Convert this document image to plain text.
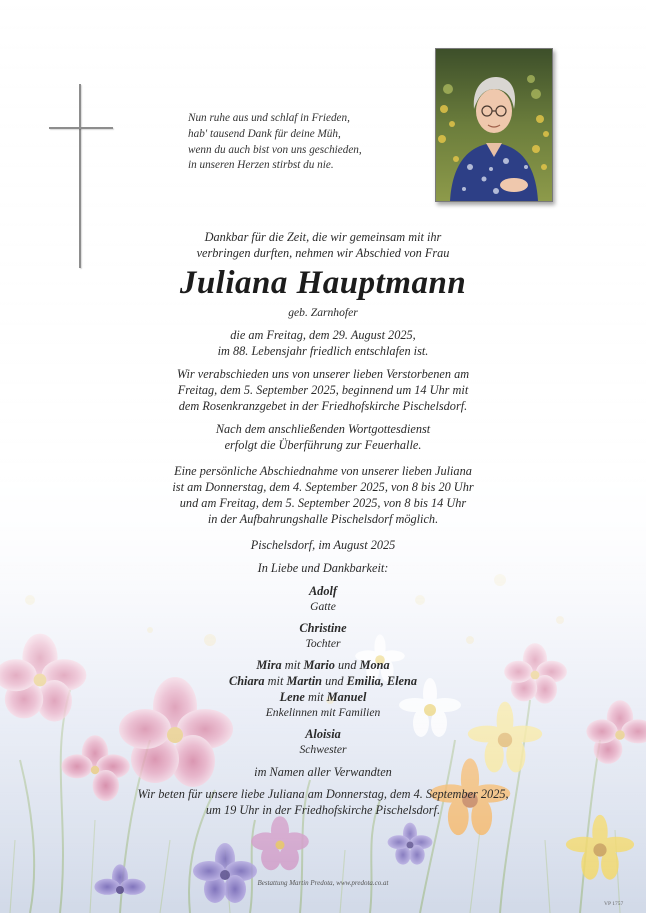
Nun ruhe aus und schlaf in Frieden,
hab' tausend Dank für deine Müh,
wenn du auch bist von uns geschieden,
in unseren Herzen stirbst du nie.
Dankbar für die Zeit, die wir gemeinsam mit ihr
verbringen durften, nehmen wir Abschied von Frau
Juliana Hauptmann
geb. Zarnhofer
die am Freitag, dem 29. August 2025,
im 88. Lebensjahr friedlich entschlafen ist.
Wir verabschieden uns von unserer lieben Verstorbenen am
Freitag, dem 5. September 2025, beginnend um 14 Uhr mit
dem Rosenkranzgebet in der Friedhofskirche Pischelsdorf.
Nach dem anschließenden Wortgottesdienst
erfolgt die Überführung zur Feuerhalle.
Eine persönliche Abschiednahme von unserer lieben Juliana
ist am Donnerstag, dem 4. September 2025, von 8 bis 20 Uhr
und am Freitag, dem 5. September 2025, von 8 bis 14 Uhr
in der Aufbahrungshalle Pischelsdorf möglich.
Pischelsdorf, im August 2025
In Liebe und Dankbarkeit:
Adolf
Gatte
Christine
Tochter
Mira mit Mario und Mona
Chiara mit Martin und Emilia, Elena
Lene mit Manuel
Enkelinnen mit Familien
Aloisia
Schwester
im Namen aller Verwandten
Wir beten für unsere liebe Juliana am Donnerstag, dem 4. September 2025,
um 19 Uhr in der Friedhofskirche Pischelsdorf.
Bestattung Martin Predota, www.predota.co.at
VP 1757
